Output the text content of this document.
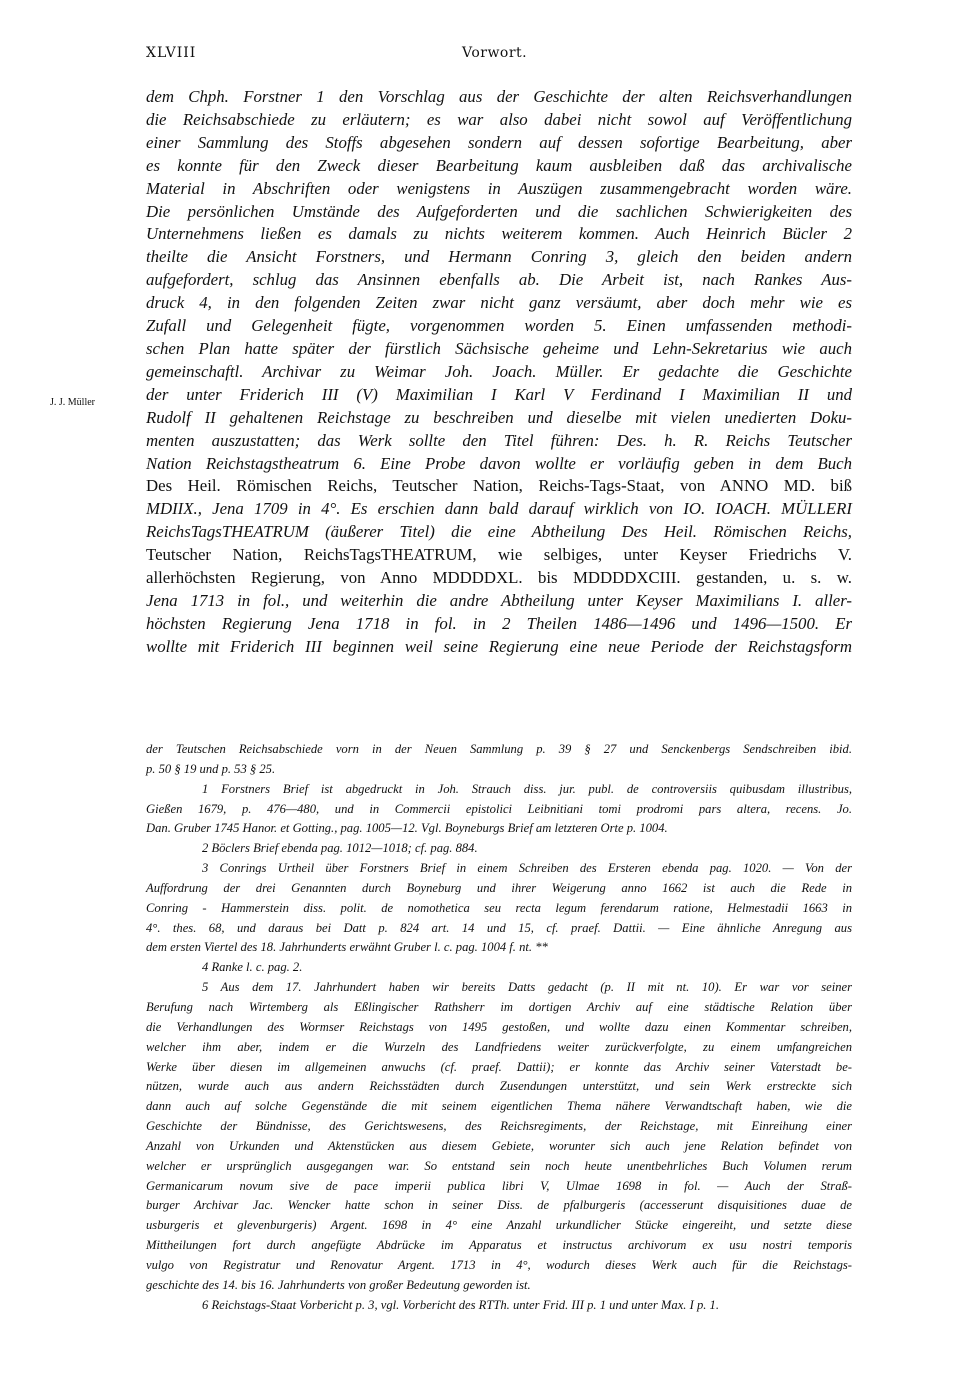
XLVIII	Vorwort.
J. J. Müller
dem Chph. Forstner 1 den Vorschlag aus der Geschichte der alten Reichsverhandlungen
die Reichsabschiede zu erläutern; es war also dabei nicht sowol auf Veröffentlichung
einer Sammlung des Stoffs abgesehen sondern auf dessen sofortige Bearbeitung, aber
es konnte für den Zweck dieser Bearbeitung kaum ausbleiben daß das archivalische
Material in Abschriften oder wenigstens in Auszügen zusammengebracht worden wäre.
Die persönlichen Umstände des Aufgeforderten und die sachlichen Schwierigkeiten des
Unternehmens ließen es damals zu nichts weiterem kommen. Auch Heinrich Bücler 2
theilte die Ansicht Forstners, und Hermann Conring 3, gleich den beiden andern
aufgefordert, schlug das Ansinnen ebenfalls ab. Die Arbeit ist, nach Rankes Aus-
druck 4, in den folgenden Zeiten zwar nicht ganz versäumt, aber doch mehr wie es
Zufall und Gelegenheit fügte, vorgenommen worden 5. Einen umfassenden methodi-
schen Plan hatte später der fürstlich Sächsische geheime und Lehn-Sekretarius wie auch
gemeinschaftl. Archivar zu Weimar Joh. Joach. Müller. Er gedachte die Geschichte
der unter Friderich III (V) Maximilian I Karl V Ferdinand I Maximilian II und
Rudolf II gehaltenen Reichstage zu beschreiben und dieselbe mit vielen unedierten Doku-
menten auszustatten; das Werk sollte den Titel führen: Des. h. R. Reichs Teutscher
Nation Reichstagstheatrum 6. Eine Probe davon wollte er vorläufig geben in dem Buch
Des Heil. Römischen Reichs, Teutscher Nation, Reichs-Tags-Staat, von ANNO MD. biß
MDIIX., Jena 1709 in 4°. Es erschien dann bald darauf wirklich von IO. IOACH. MÜLLERI
ReichsTagsTHEATRUM (äußerer Titel) die eine Abtheilung Des Heil. Römischen Reichs,
Teutscher Nation, ReichsTagsTHEATRUM, wie selbiges, unter Keyser Friedrichs V.
allerhöchsten Regierung, von Anno MDDDDXL. bis MDDDDXCIII. gestanden, u. s. w.
Jena 1713 in fol., und weiterhin die andre Abtheilung unter Keyser Maximilians I. aller-
höchsten Regierung Jena 1718 in fol. in 2 Theilen 1486—1496 und 1496—1500. Er
wollte mit Friderich III beginnen weil seine Regierung eine neue Periode der Reichstagsform
der Teutschen Reichsabschiede vorn in der Neuen Sammlung p. 39 § 27 und Senckenbergs Sendschreiben ibid.
p. 50 § 19 und p. 53 § 25.
1 Forstners Brief ist abgedruckt in Joh. Strauch diss. jur. publ. de controversiis quibusdam illustribus,
Gießen 1679, p. 476—480, und in Commercii epistolici Leibnitiani tomi prodromi pars altera, recens. Jo.
Dan. Gruber 1745 Hanor. et Gotting., pag. 1005—12. Vgl. Boyneburgs Brief am letzteren Orte p. 1004.
2 Böclers Brief ebenda pag. 1012—1018; cf. pag. 884.
3 Conrings Urtheil über Forstners Brief in einem Schreiben des Ersteren ebenda pag. 1020. — Von der
Auffordrung der drei Genannten durch Boyneburg und ihrer Weigerung anno 1662 ist auch die Rede in
Conring - Hammerstein diss. polit. de nomothetica seu recta legum ferendarum ratione, Helmestadii 1663 in
4°. thes. 68, und daraus bei Datt p. 824 art. 14 und 15, cf. praef. Dattii. — Eine ähnliche Anregung aus
dem ersten Viertel des 18. Jahrhunderts erwähnt Gruber l. c. pag. 1004 f. nt. **
4 Ranke l. c. pag. 2.
5 Aus dem 17. Jahrhundert haben wir bereits Datts gedacht (p. II mit nt. 10). Er war vor seiner
Berufung nach Wirtemberg als Eßlingischer Rathsherr im dortigen Archiv auf eine städtische Relation über
die Verhandlungen des Wormser Reichstags von 1495 gestoßen, und wollte dazu einen Kommentar schreiben,
welcher ihm aber, indem er die Wurzeln des Landfriedens weiter zurückverfolgte, zu einem umfangreichen
Werke über diesen im allgemeinen anwuchs (cf. praef. Dattii); er konnte das Archiv seiner Vaterstadt be-
nützen, wurde auch aus andern Reichsstädten durch Zusendungen unterstützt, und sein Werk erstreckte sich
dann auch auf solche Gegenstände die mit seinem eigentlichen Thema nähere Verwandtschaft haben, wie die
Geschichte der Bündnisse, des Gerichtswesens, des Reichsregiments, der Reichstage, mit Einreihung einer
Anzahl von Urkunden und Aktenstücken aus diesem Gebiete, worunter sich auch jene Relation befindet von
welcher er ursprünglich ausgegangen war. So entstand sein noch heute unentbehrliches Buch Volumen rerum
Germanicarum novum sive de pace imperii publica libri V, Ulmae 1698 in fol. — Auch der Straß-
burger Archivar Jac. Wencker hatte schon in seiner Diss. de pfalburgeris (accesserunt disquisitiones duae de
usburgeris et glevenburgeris) Argent. 1698 in 4° eine Anzahl urkundlicher Stücke eingereiht, und setzte diese
Mittheilungen fort durch angefügte Abdrücke im Apparatus et instructus archivorum ex usu nostri temporis
vulgo von Registratur und Renovatur Argent. 1713 in 4°, wodurch dieses Werk auch für die Reichstags-
geschichte des 14. bis 16. Jahrhunderts von großer Bedeutung geworden ist.
6 Reichstags-Staat Vorbericht p. 3, vgl. Vorbericht des RTTh. unter Frid. III p. 1 und unter Max. I p. 1.
